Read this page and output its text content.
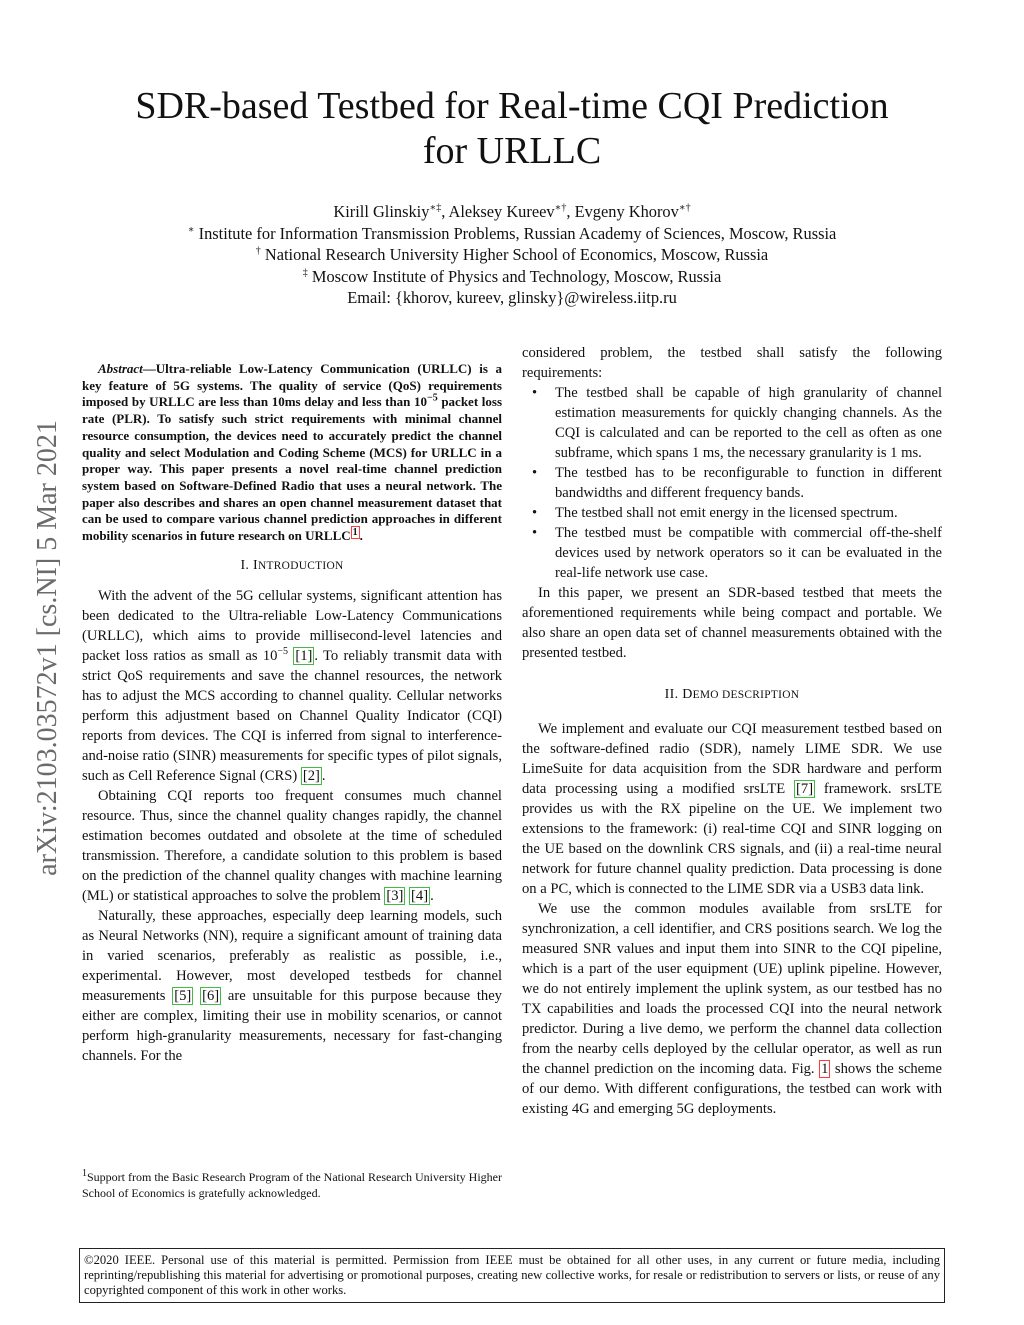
SDR-based Testbed for Real-time CQI Prediction
for URLLC
Kirill Glinskiy∗‡, Aleksey Kureev∗†, Evgeny Khorov∗†
∗ Institute for Information Transmission Problems, Russian Academy of Sciences, Moscow, Russia
† National Research University Higher School of Economics, Moscow, Russia
‡ Moscow Institute of Physics and Technology, Moscow, Russia
Email: {khorov, kureev, glinsky}@wireless.iitp.ru
arXiv:2103.03572v1 [cs.NI] 5 Mar 2021

Abstract—Ultra-reliable Low-Latency Communication (URLLC) is a key feature of 5G systems. The quality of service (QoS) requirements imposed by URLLC are less than 10ms delay and less than $10^{-5}$ packet loss rate (PLR). To satisfy such strict requirements with minimal channel resource consumption, the devices need to accurately predict the channel quality and select Modulation and Coding Scheme (MCS) for URLLC in a proper way. This paper presents a novel real-time channel prediction system based on Software-Defined Radio that uses a neural network. The paper also describes and shares an open channel measurement dataset that can be used to compare various channel prediction approaches in different mobility scenarios in future research on URLLC $^1$ .

I. INTRODUCTION

With the advent of the 5G cellular systems, significant attention has been dedicated to the Ultra-reliable Low-Latency Communications (URLLC), which aims to provide millisecond-level latencies and packet loss ratios as small as $10^{-5}$ [1] . To reliably transmit data with strict QoS requirements and save the channel resources, the network has to adjust the MCS according to channel quality. Cellular networks perform this adjustment based on Channel Quality Indicator (CQI) reports from devices. The CQI is inferred from signal to interference-and-noise ratio (SINR) measurements for specific types of pilot signals, such as Cell Reference Signal (CRS) [2] .

Obtaining CQI reports too frequent consumes much channel resource. Thus, since the channel quality changes rapidly, the channel estimation becomes outdated and obsolete at the time of scheduled transmission. Therefore, a candidate solution to this problem is based on the prediction of the channel quality changes with machine learning (ML) or statistical approaches to solve the problem [3] [4] .

Naturally, these approaches, especially deep learning models, such as Neural Networks (NN), require a significant amount of training data in varied scenarios, preferably as realistic as possible, i.e., experimental. However, most developed testbeds for channel measurements [5] [6] are unsuitable for this purpose because they either are complex, limiting their use in mobility scenarios, or cannot perform high-granularity measurements, necessary for fast-changing channels. For the

$^1$Support from the Basic Research Program of the National Research University Higher School of Economics is gratefully acknowledged.

considered problem, the testbed shall satisfy the following requirements:

• The testbed shall be capable of high granularity of channel estimation measurements for quickly changing channels. As the CQI is calculated and can be reported to the cell as often as one subframe, which spans 1 ms, the necessary granularity is 1 ms.
• The testbed has to be reconfigurable to function in different bandwidths and different frequency bands.
• The testbed shall not emit energy in the licensed spectrum.
• The testbed must be compatible with commercial off-the-shelf devices used by network operators so it can be evaluated in the real-life network use case.

In this paper, we present an SDR-based testbed that meets the aforementioned requirements while being compact and portable. We also share an open data set of channel measurements obtained with the presented testbed.

II. DEMO DESCRIPTION

We implement and evaluate our CQI measurement testbed based on the software-defined radio (SDR), namely LIME SDR. We use LimeSuite for data acquisition from the SDR hardware and perform data processing using a modified srsLTE [7] framework. srsLTE provides us with the RX pipeline on the UE. We implement two extensions to the framework: (i) real-time CQI and SINR logging on the UE based on the downlink CRS signals, and (ii) a real-time neural network for future channel quality prediction. Data processing is done on a PC, which is connected to the LIME SDR via a USB3 data link.

We use the common modules available from srsLTE for synchronization, a cell identifier, and CRS positions search. We log the measured SNR values and input them into SINR to the CQI pipeline, which is a part of the user equipment (UE) uplink pipeline. However, we do not entirely implement the uplink system, as our testbed has no TX capabilities and loads the processed CQI into the neural network predictor. During a live demo, we perform the channel data collection from the nearby cells deployed by the cellular operator, as well as run the channel prediction on the incoming data. Fig. 1 shows the scheme of our demo. With different configurations, the testbed can work with existing 4G and emerging 5G deployments.

©2020 IEEE. Personal use of this material is permitted. Permission from IEEE must be obtained for all other uses, in any current or future media, including reprinting/republishing this material for advertising or promotional purposes, creating new collective works, for resale or redistribution to servers or lists, or reuse of any copyrighted component of this work in other works.
